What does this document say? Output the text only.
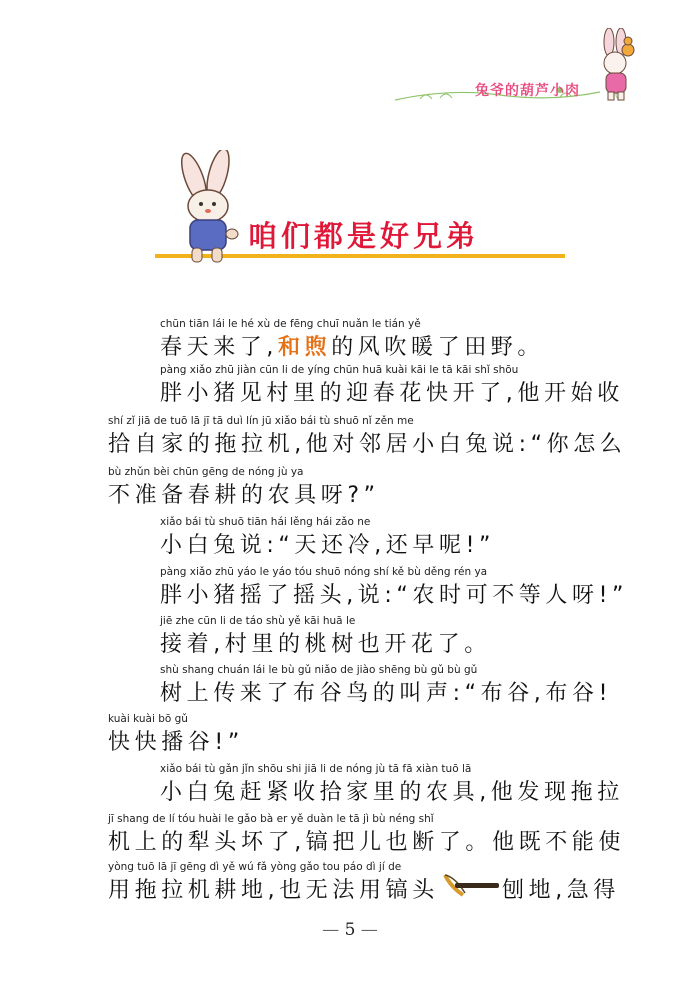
兔爷的葫芦小肉
咱们都是好兄弟
chūn tiān lái le hé xù de fēng chuī nuǎn le tián yě
春天来了,和煦的风吹暖了田野。
pàng xiǎo zhū jiàn cūn li de yíng chūn huā kuài kāi le tā kāi shǐ shōu
胖小猪见村里的迎春花快开了,他开始收
shí zǐ jiā de tuō lā jī tā duì lín jū xiǎo bái tù shuō nǐ zěn me
拾自家的拖拉机,他对邻居小白兔说:“你怎么
bù zhǔn bèi chūn gēng de nóng jù ya
不准备春耕的农具呀?”
xiǎo bái tù shuō tiān hái lěng hái zǎo ne
小白兔说:“天还冷,还早呢!”
pàng xiǎo zhū yáo le yáo tóu shuō nóng shí kě bù děng rén ya
胖小猪摇了摇头,说:“农时可不等人呀!”
jiē zhe cūn li de táo shù yě kāi huā le
接着,村里的桃树也开花了。
shù shang chuán lái le bù gǔ niǎo de jiào shēng bù gǔ bù gǔ
树上传来了布谷鸟的叫声:“布谷,布谷!
kuài kuài bō gǔ
快快播谷!”
xiǎo bái tù gǎn jǐn shōu shi jiā li de nóng jù tā fā xiàn tuō lā
小白兔赶紧收拾家里的农具,他发现拖拉
jī shang de lí tóu huài le gǎo bà er yě duàn le tā jì bù néng shǐ
机上的犁头坏了,镐把儿也断了。他既不能使
yòng tuō lā jī gēng dì yě wú fǎ yòng gǎo tou páo dì jí de
用拖拉机耕地,也无法用镐头	刨地,急得
— 5 —
